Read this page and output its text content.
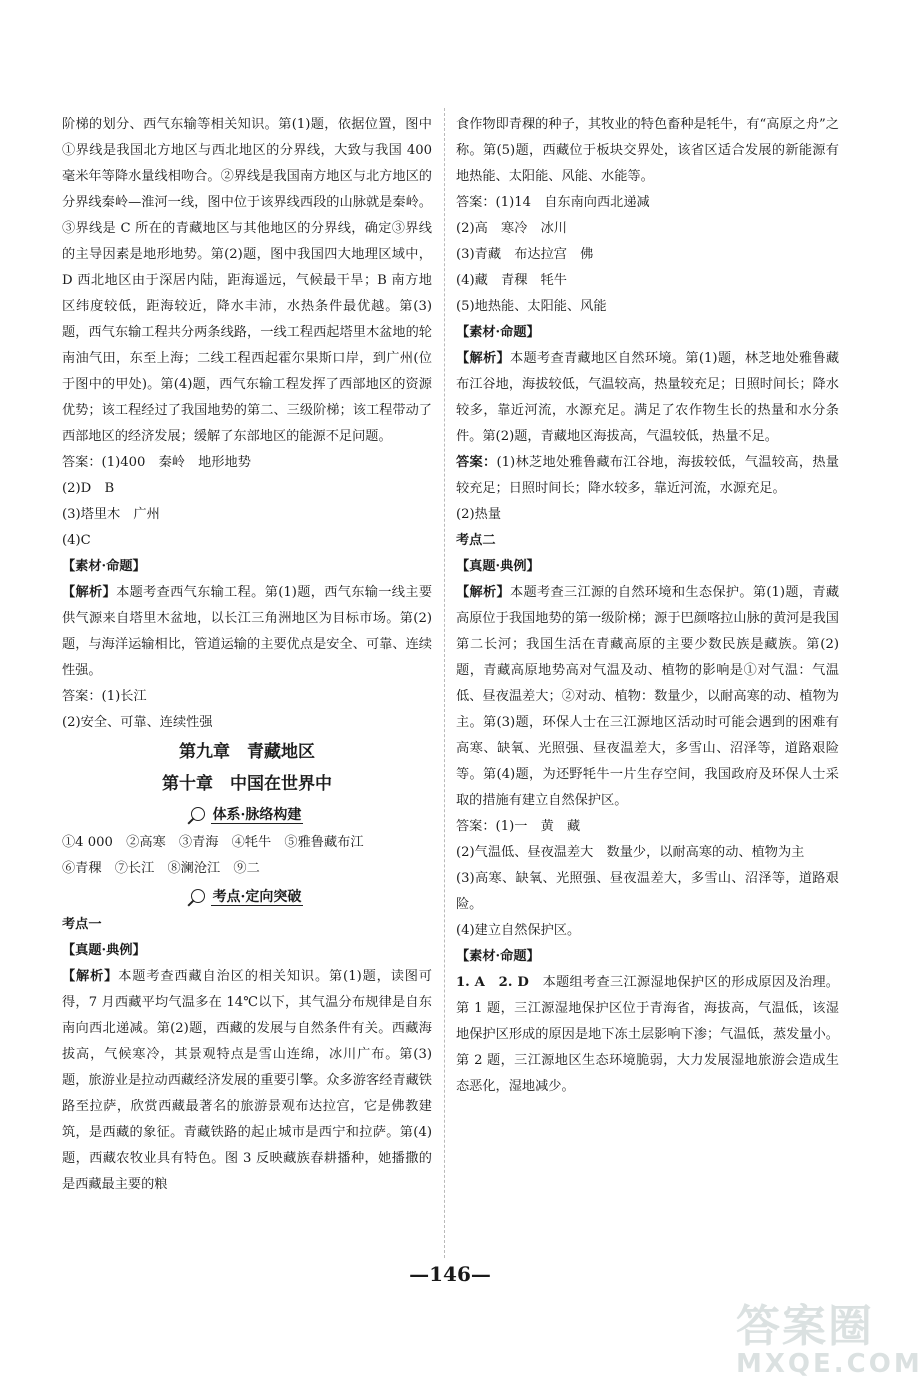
阶梯的划分、西气东输等相关知识。第(1)题，依据位置，图中①界线是我国北方地区与西北地区的分界线，大致与我国 400 毫米年等降水量线相吻合。②界线是我国南方地区与北方地区的分界线秦岭—淮河一线，图中位于该界线西段的山脉就是秦岭。③界线是 C 所在的青藏地区与其他地区的分界线，确定③界线的主导因素是地形地势。第(2)题，图中我国四大地理区域中，D 西北地区由于深居内陆，距海遥远，气候最干旱；B 南方地区纬度较低，距海较近，降水丰沛，水热条件最优越。第(3)题，西气东输工程共分两条线路，一线工程西起塔里木盆地的轮南油气田，东至上海；二线工程西起霍尔果斯口岸，到广州(位于图中的甲处)。第(4)题，西气东输工程发挥了西部地区的资源优势；该工程经过了我国地势的第二、三级阶梯；该工程带动了西部地区的经济发展；缓解了东部地区的能源不足问题。

答案：(1)400　秦岭　地形地势

(2)D　B

(3)塔里木　广州

(4)C

【素材·命题】

【解析】本题考查西气东输工程。第(1)题，西气东输一线主要供气源来自塔里木盆地，以长江三角洲地区为目标市场。第(2)题，与海洋运输相比，管道运输的主要优点是安全、可靠、连续性强。

答案：(1)长江

(2)安全、可靠、连续性强

第九章　青藏地区

第十章　中国在世界中

体系·脉络构建

①4 000　②高寒　③青海　④牦牛　⑤雅鲁藏布江

⑥青稞　⑦长江　⑧澜沧江　⑨二

考点·定向突破

考点一

【真题·典例】

【解析】本题考查西藏自治区的相关知识。第(1)题，读图可得，7 月西藏平均气温多在 14℃以下，其气温分布规律是自东南向西北递减。第(2)题，西藏的发展与自然条件有关。西藏海拔高，气候寒冷，其景观特点是雪山连绵，冰川广布。第(3)题，旅游业是拉动西藏经济发展的重要引擎。众多游客经青藏铁路至拉萨，欣赏西藏最著名的旅游景观布达拉宫，它是佛教建筑，是西藏的象征。青藏铁路的起止城市是西宁和拉萨。第(4)题，西藏农牧业具有特色。图 3 反映藏族春耕播种，她播撒的是西藏最主要的粮

食作物即青稞的种子，其牧业的特色畜种是牦牛，有“高原之舟”之称。第(5)题，西藏位于板块交界处，该省区适合发展的新能源有地热能、太阳能、风能、水能等。

答案：(1)14　自东南向西北递减

(2)高　寒冷　冰川

(3)青藏　布达拉宫　佛

(4)藏　青稞　牦牛

(5)地热能、太阳能、风能

【素材·命题】

【解析】本题考查青藏地区自然环境。第(1)题，林芝地处雅鲁藏布江谷地，海拔较低，气温较高，热量较充足；日照时间长；降水较多，靠近河流，水源充足。满足了农作物生长的热量和水分条件。第(2)题，青藏地区海拔高，气温较低，热量不足。

答案：(1)林芝地处雅鲁藏布江谷地，海拔较低，气温较高，热量较充足；日照时间长；降水较多，靠近河流，水源充足。

(2)热量

考点二

【真题·典例】

【解析】本题考查三江源的自然环境和生态保护。第(1)题，青藏高原位于我国地势的第一级阶梯；源于巴颜喀拉山脉的黄河是我国第二长河；我国生活在青藏高原的主要少数民族是藏族。第(2)题，青藏高原地势高对气温及动、植物的影响是①对气温：气温低、昼夜温差大；②对动、植物：数量少，以耐高寒的动、植物为主。第(3)题，环保人士在三江源地区活动时可能会遇到的困难有高寒、缺氧、光照强、昼夜温差大，多雪山、沼泽等，道路艰险等。第(4)题，为还野牦牛一片生存空间，我国政府及环保人士采取的措施有建立自然保护区。

答案：(1)一　黄　藏

(2)气温低、昼夜温差大　数量少，以耐高寒的动、植物为主

(3)高寒、缺氧、光照强、昼夜温差大，多雪山、沼泽等，道路艰险。

(4)建立自然保护区。

【素材·命题】

1. A　2. D　本题组考查三江源湿地保护区的形成原因及治理。第 1 题，三江源湿地保护区位于青海省，海拔高，气温低，该湿地保护区形成的原因是地下冻土层影响下渗；气温低，蒸发量小。第 2 题，三江源地区生态环境脆弱，大力发展湿地旅游会造成生态恶化，湿地减少。

—146—
答案圈
MXQE.COM
